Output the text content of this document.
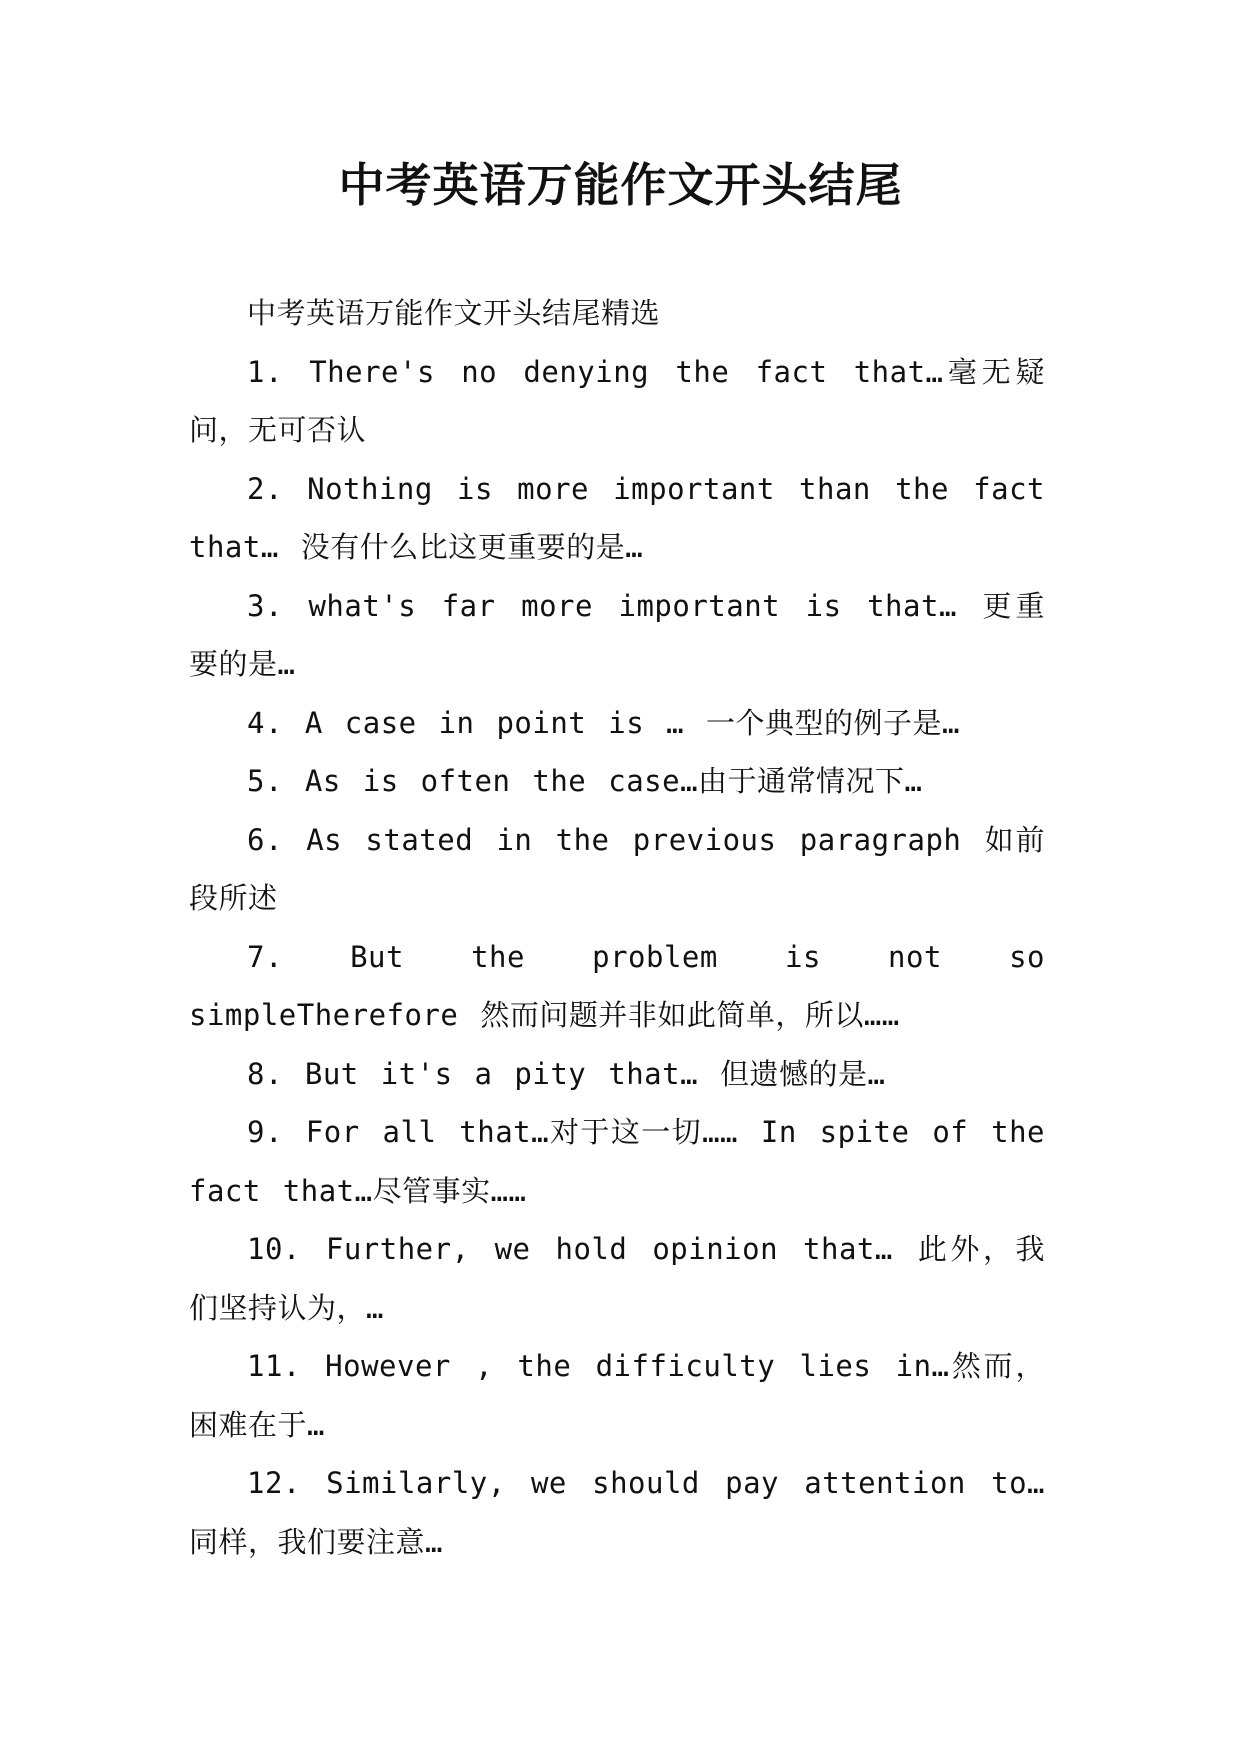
中考英语万能作文开头结尾

中考英语万能作文开头结尾精选

1. There's no denying the fact that…毫无疑问，无可否认

2. Nothing is more important than the fact that… 没有什么比这更重要的是…

3. what's far more important is that… 更重要的是…

4. A case in point is … 一个典型的例子是…

5. As is often the case…由于通常情况下…

6. As stated in the previous paragraph 如前段所述

7. But the problem is not so simpleTherefore 然而问题并非如此简单，所以……

8. But it's a pity that… 但遗憾的是…

9. For all that…对于这一切…… In spite of the fact that…尽管事实……

10. Further, we hold opinion that… 此外，我们坚持认为，…

11. However , the difficulty lies in…然而，困难在于…

12. Similarly, we should pay attention to… 同样，我们要注意…
